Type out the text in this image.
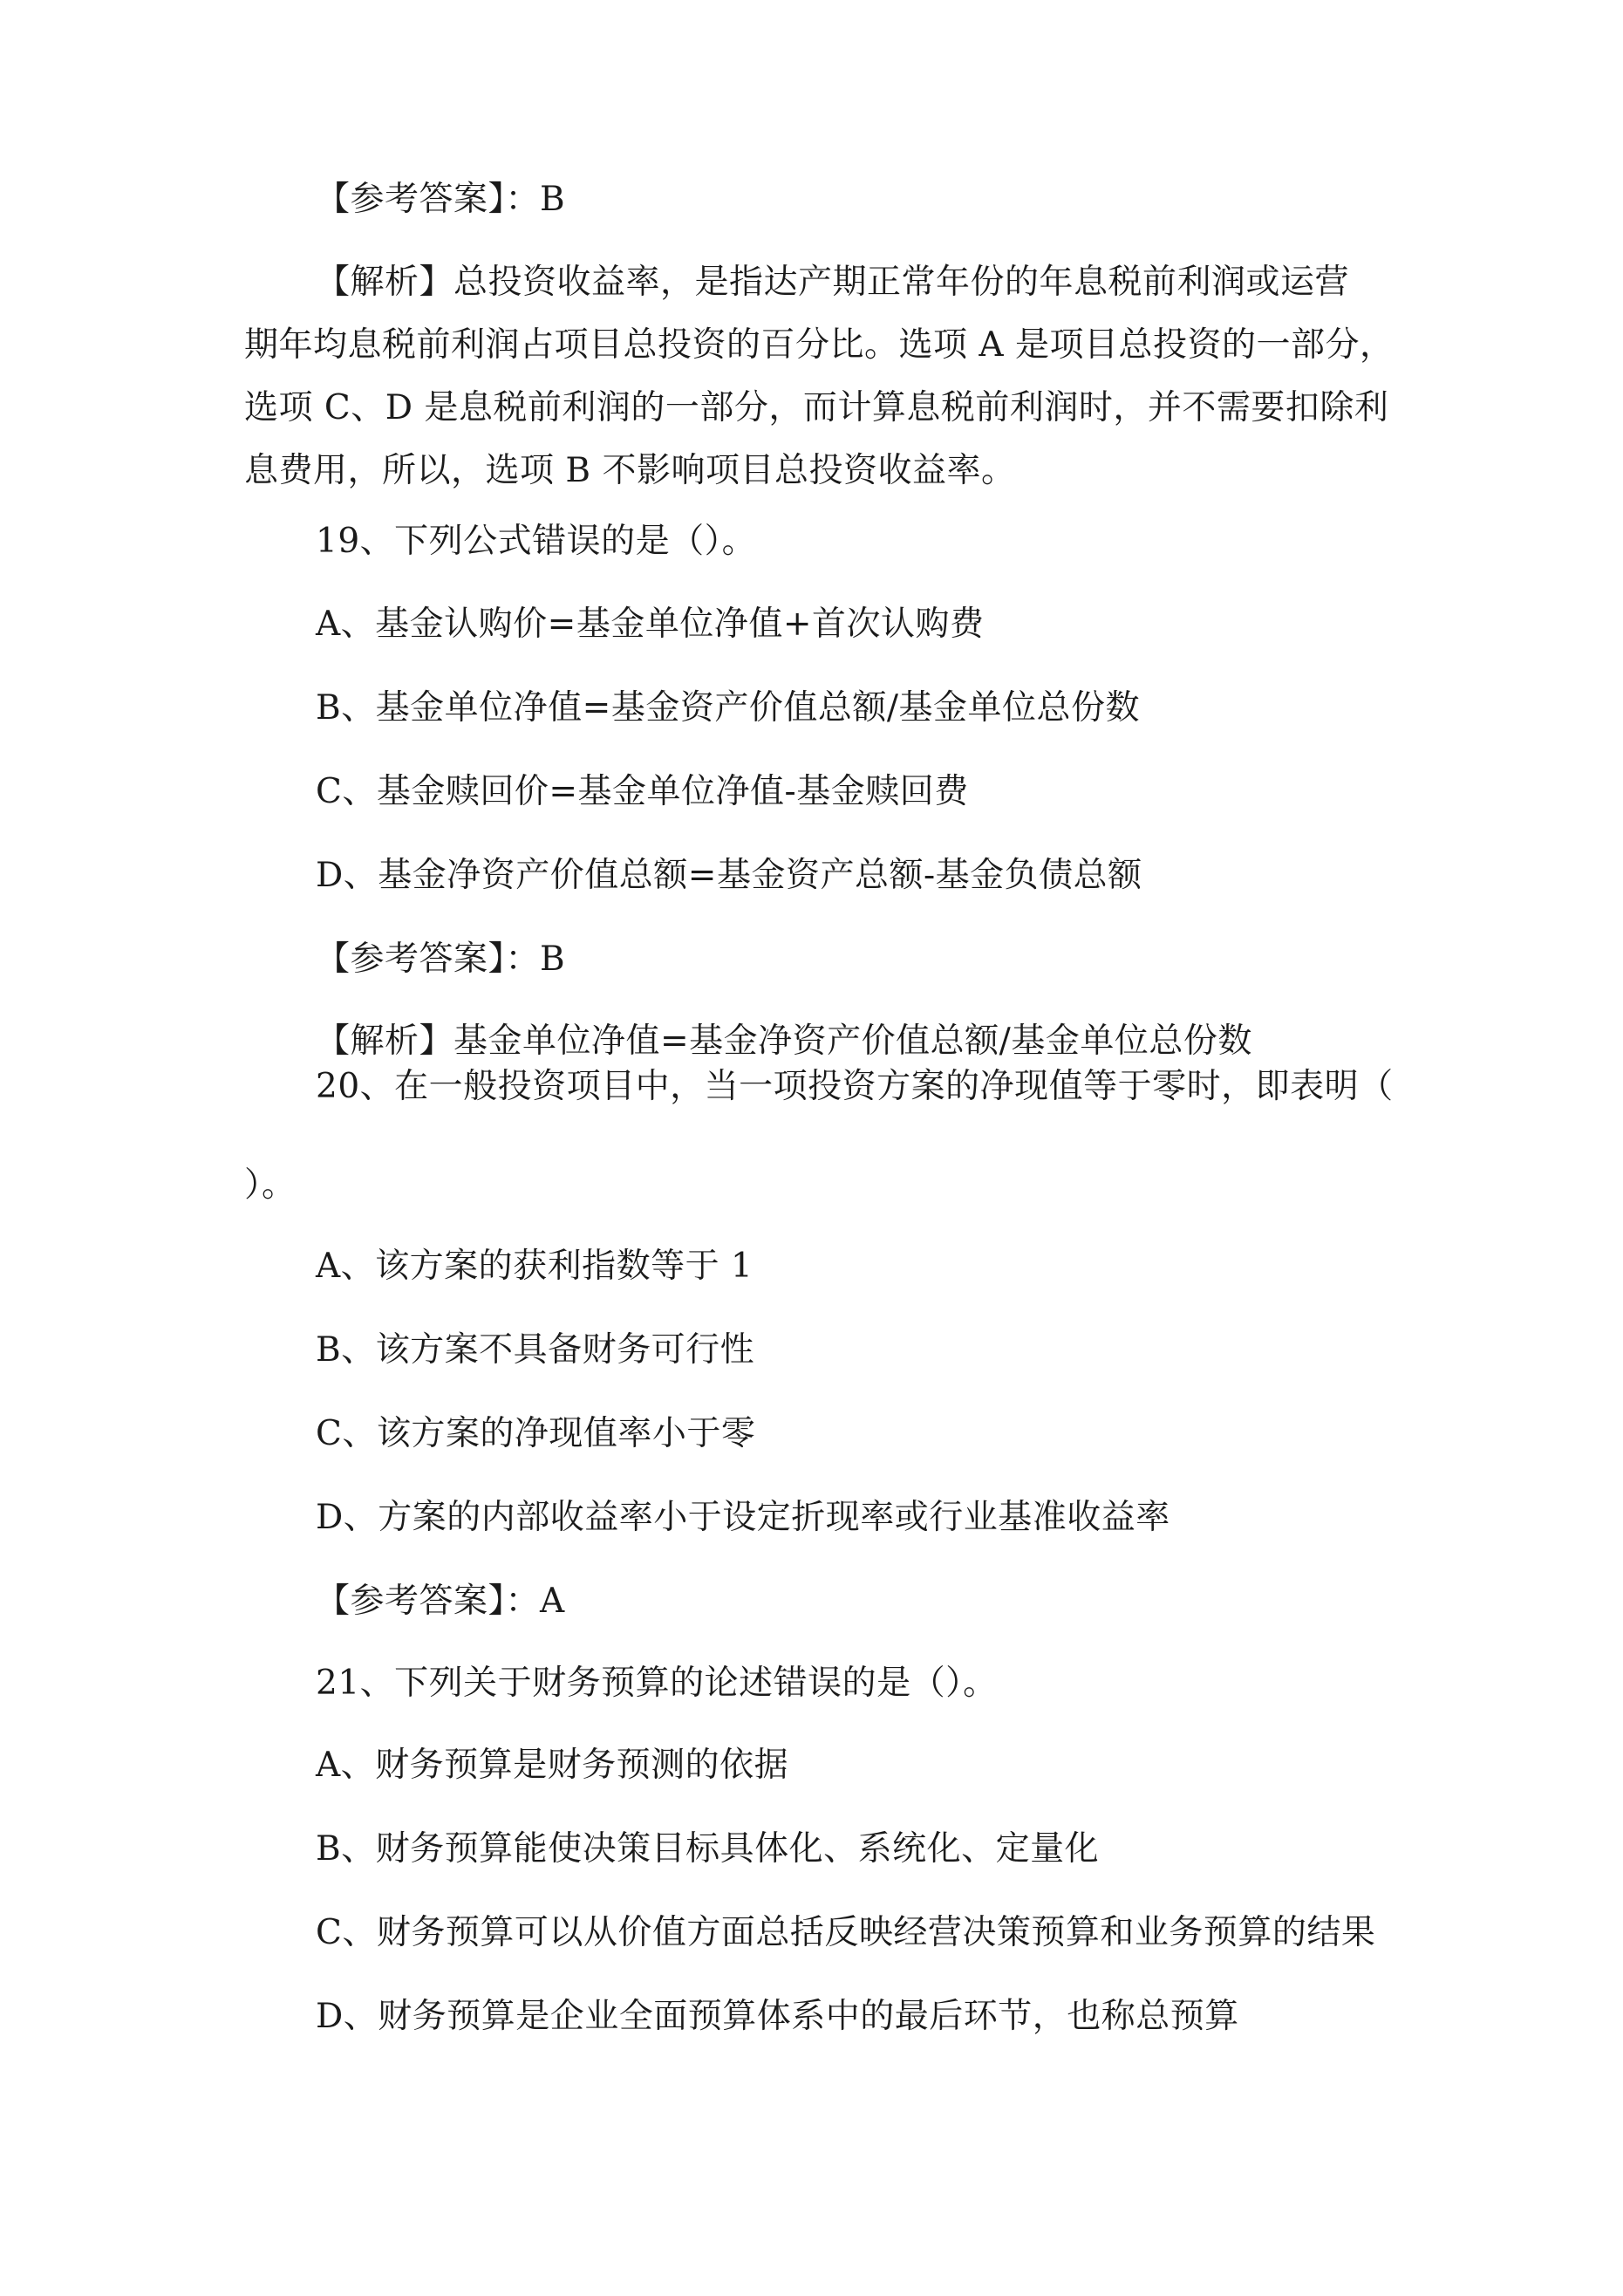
【参考答案】：B
【解析】总投资收益率，是指达产期正常年份的年息税前利润或运营
期年均息税前利润占项目总投资的百分比。选项 A 是项目总投资的一部分，
选项 C、D 是息税前利润的一部分，而计算息税前利润时，并不需要扣除利
息费用，所以，选项 B 不影响项目总投资收益率。
19、下列公式错误的是（）。
A、基金认购价=基金单位净值+首次认购费
B、基金单位净值=基金资产价值总额/基金单位总份数
C、基金赎回价=基金单位净值-基金赎回费
D、基金净资产价值总额=基金资产总额-基金负债总额
【参考答案】：B
【解析】基金单位净值=基金净资产价值总额/基金单位总份数
20、在一般投资项目中，当一项投资方案的净现值等于零时，即表明（
）。
A、该方案的获利指数等于 1
B、该方案不具备财务可行性
C、该方案的净现值率小于零
D、方案的内部收益率小于设定折现率或行业基准收益率
【参考答案】：A
21、下列关于财务预算的论述错误的是（）。
A、财务预算是财务预测的依据
B、财务预算能使决策目标具体化、系统化、定量化
C、财务预算可以从价值方面总括反映经营决策预算和业务预算的结果
D、财务预算是企业全面预算体系中的最后环节，也称总预算
